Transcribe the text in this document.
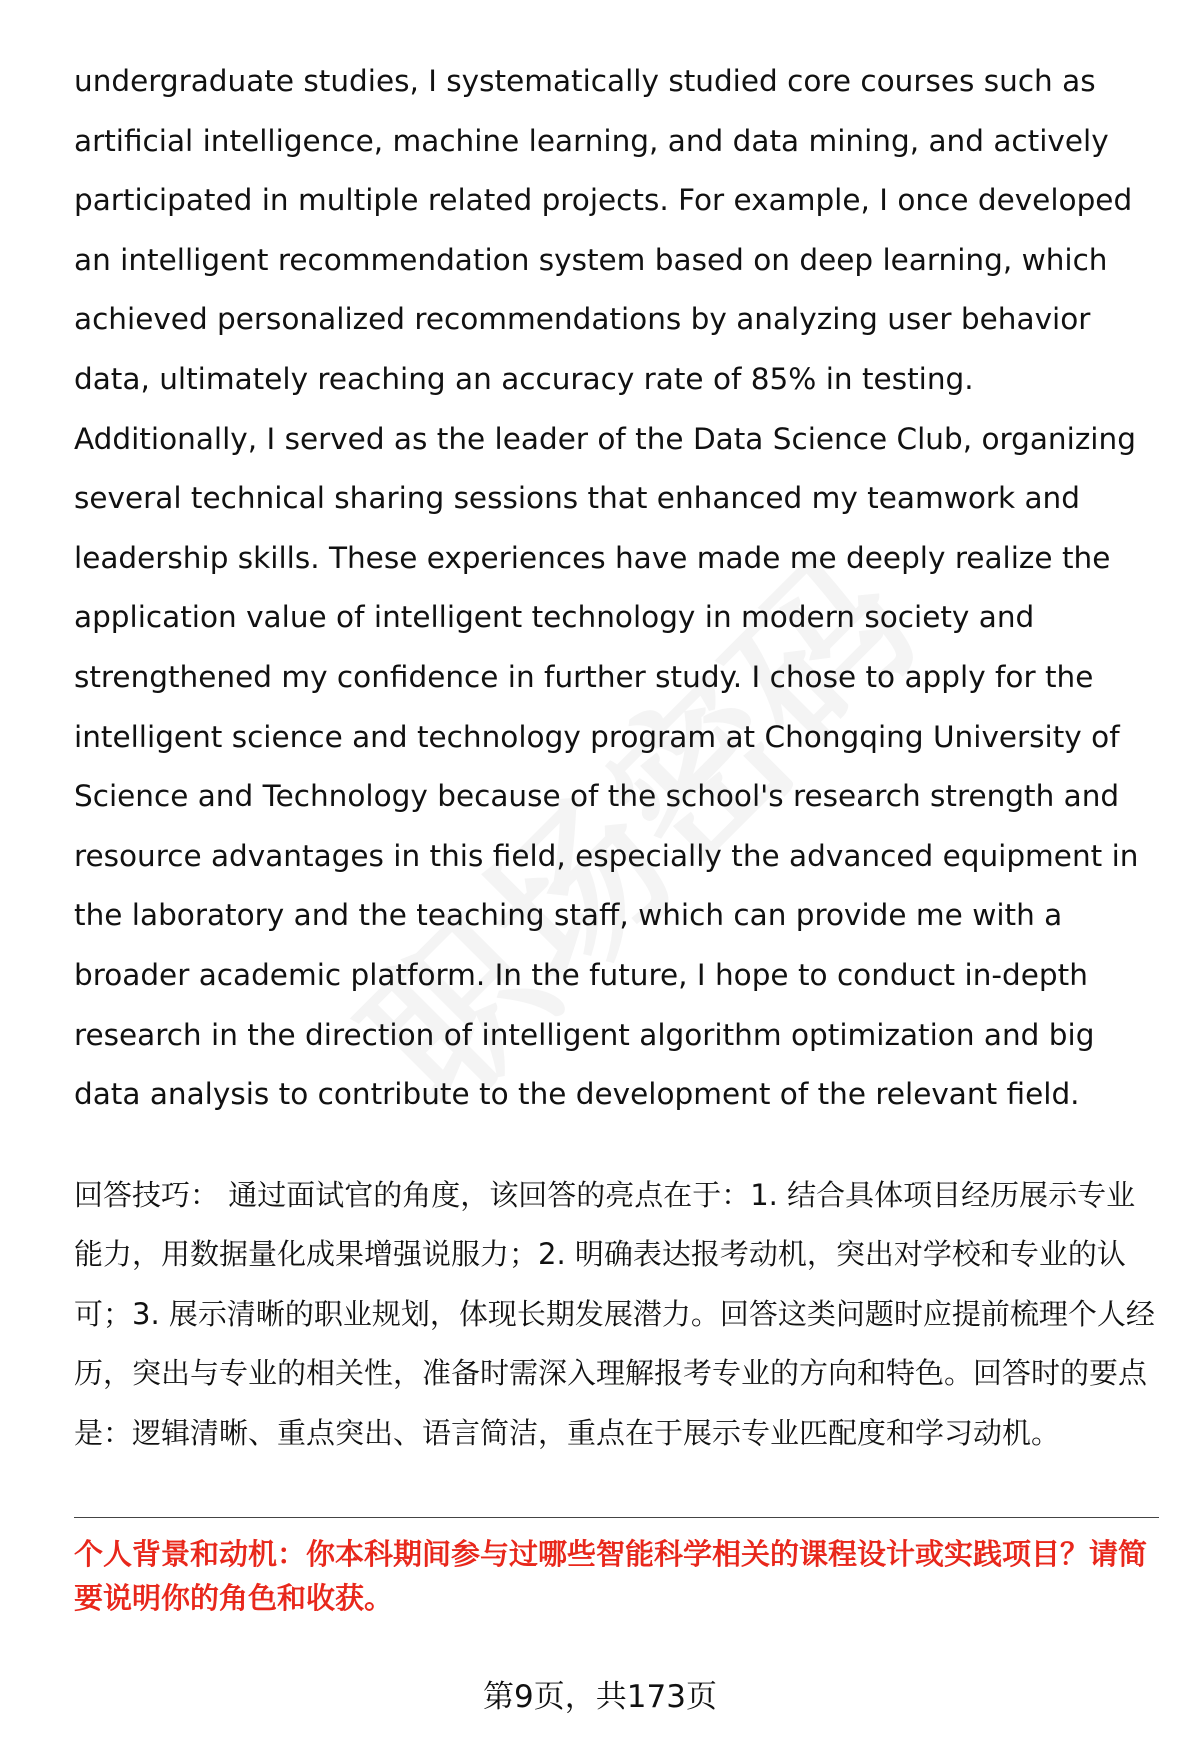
undergraduate studies, I systematically studied core courses such as artificial intelligence, machine learning, and data mining, and actively participated in multiple related projects. For example, I once developed an intelligent recommendation system based on deep learning, which achieved personalized recommendations by analyzing user behavior data, ultimately reaching an accuracy rate of 85% in testing. Additionally, I served as the leader of the Data Science Club, organizing several technical sharing sessions that enhanced my teamwork and leadership skills. These experiences have made me deeply realize the application value of intelligent technology in modern society and strengthened my confidence in further study. I chose to apply for the intelligent science and technology program at Chongqing University of Science and Technology because of the school's research strength and resource advantages in this field, especially the advanced equipment in the laboratory and the teaching staff, which can provide me with a broader academic platform. In the future, I hope to conduct in-depth research in the direction of intelligent algorithm optimization and big data analysis to contribute to the development of the relevant field.

回答技巧： 通过面试官的角度，该回答的亮点在于：1. 结合具体项目经历展示专业能力，用数据量化成果增强说服力；2. 明确表达报考动机，突出对学校和专业的认可；3. 展示清晰的职业规划，体现长期发展潜力。回答这类问题时应提前梳理个人经历，突出与专业的相关性，准备时需深入理解报考专业的方向和特色。回答时的要点是：逻辑清晰、重点突出、语言简洁，重点在于展示专业匹配度和学习动机。

个人背景和动机：你本科期间参与过哪些智能科学相关的课程设计或实践项目？请简要说明你的角色和收获。

第9页，共173页
